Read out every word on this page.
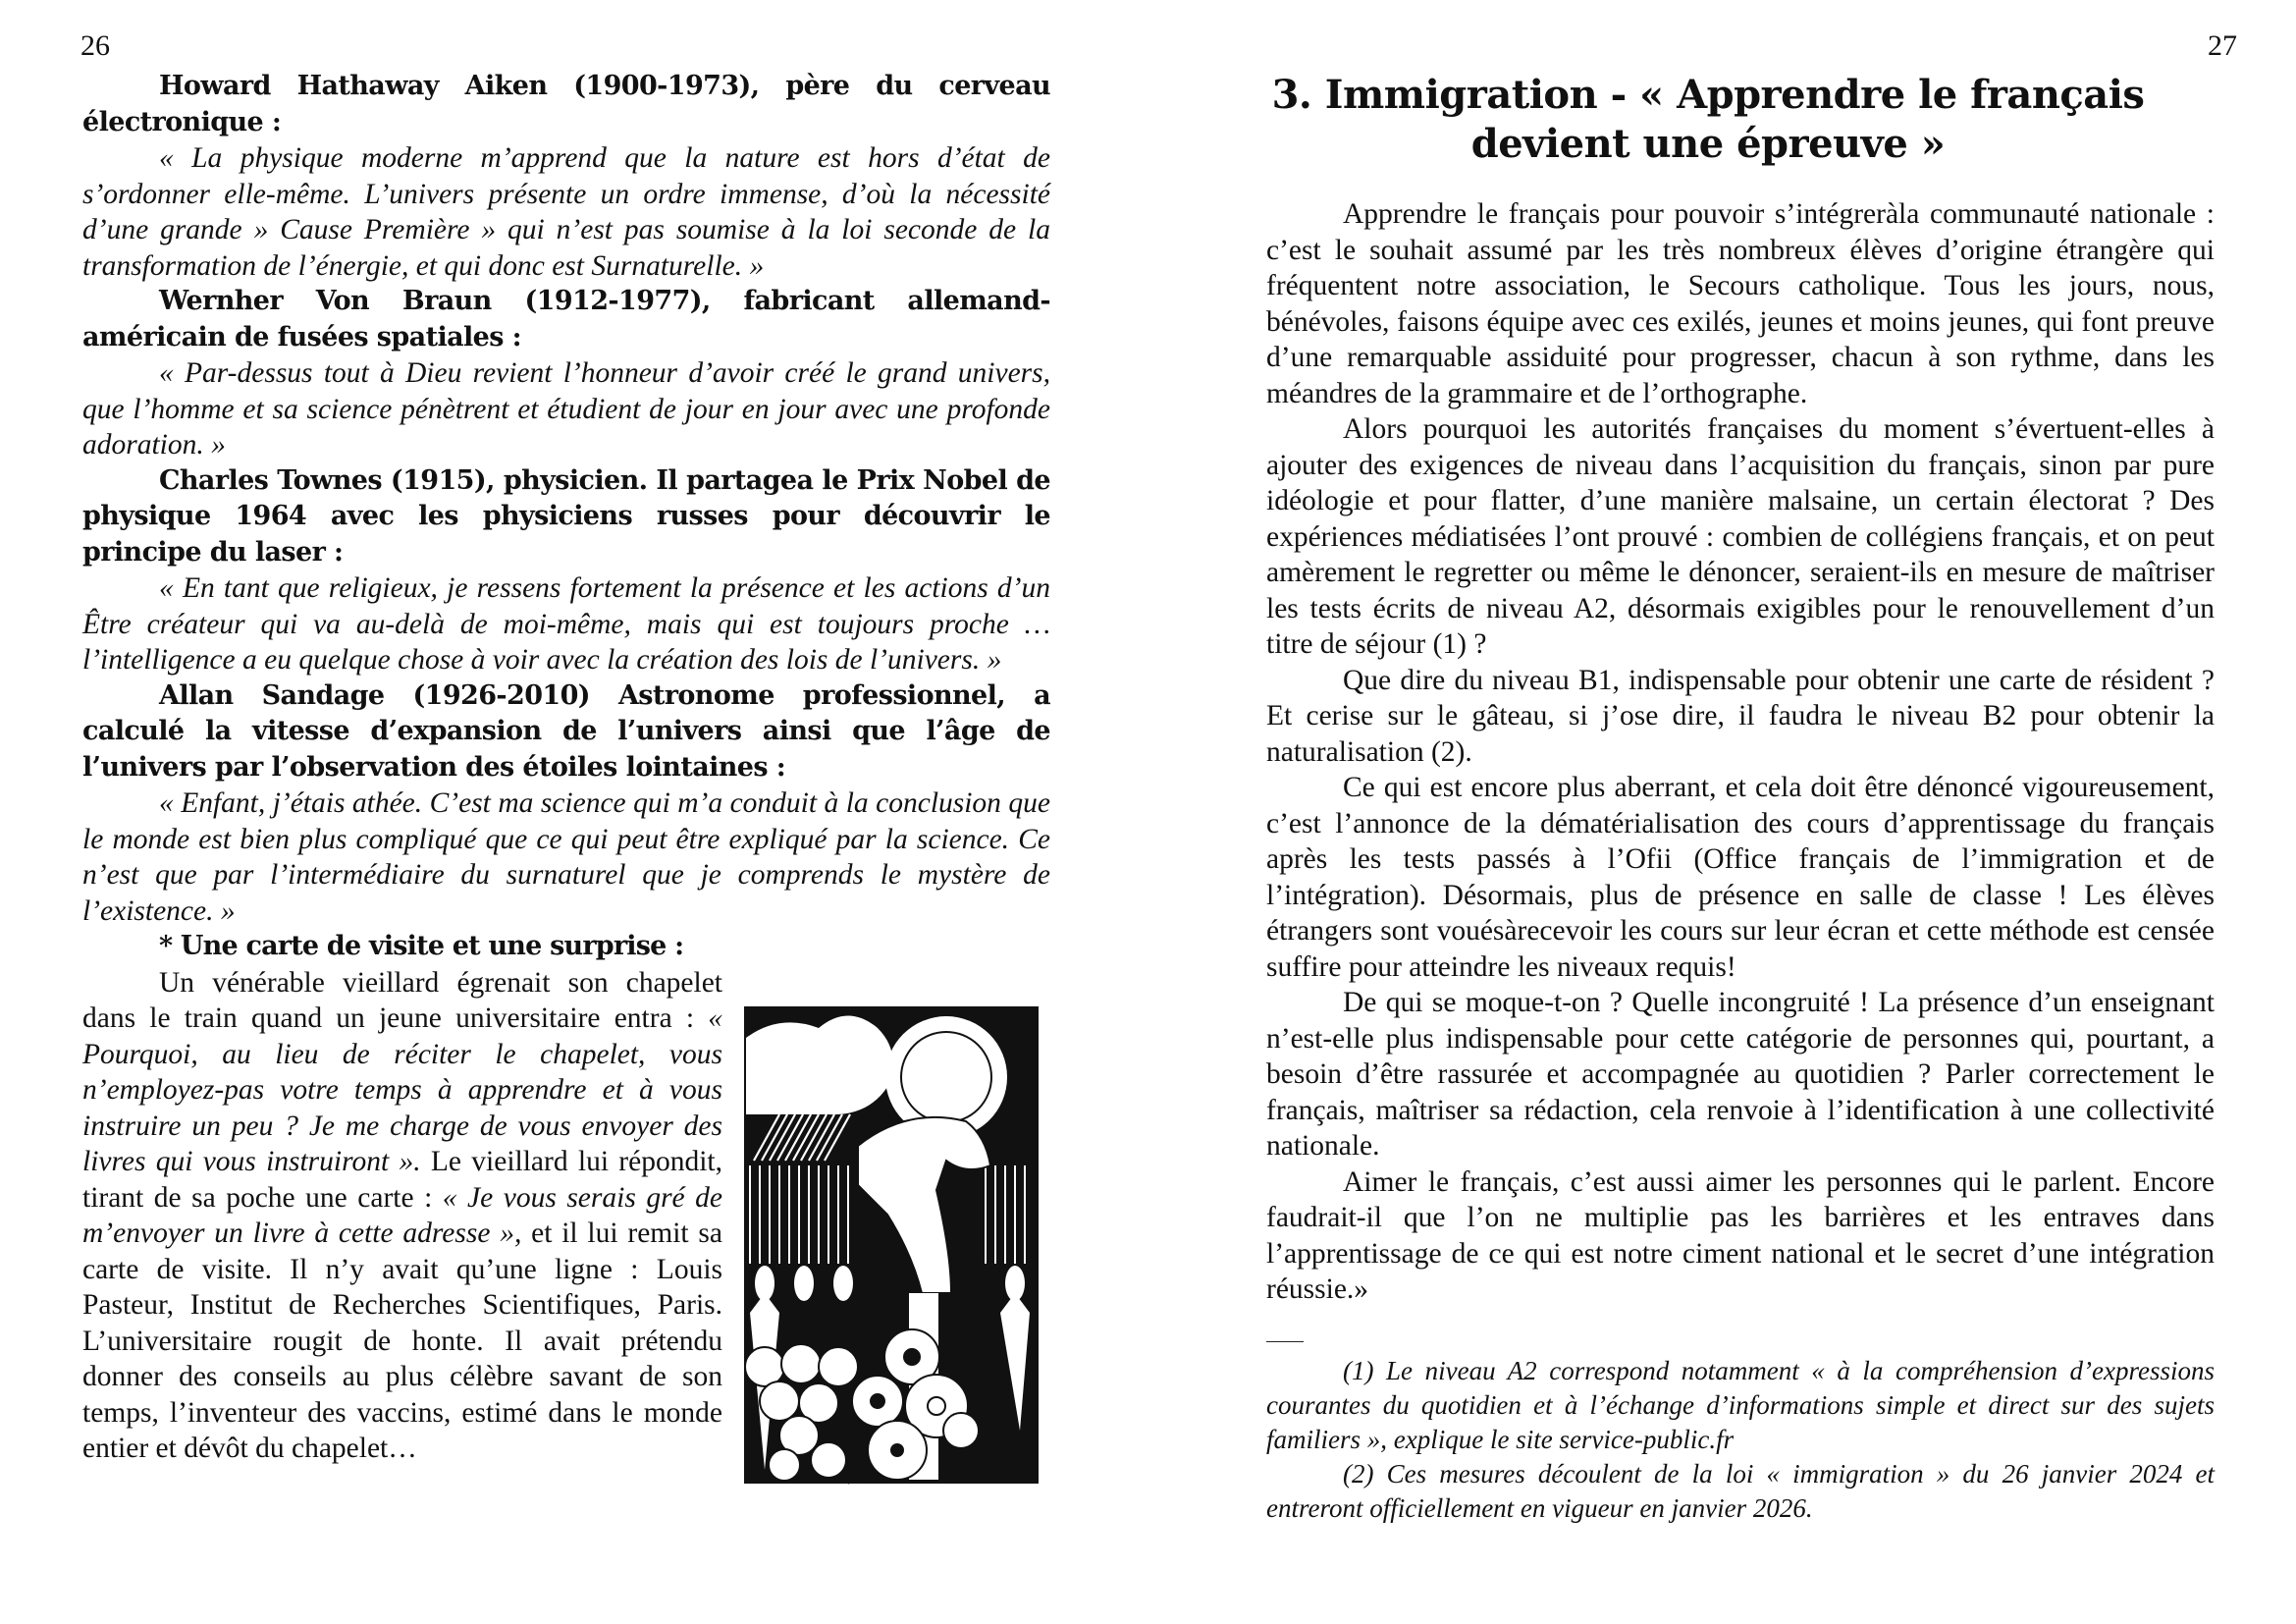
26

Howard Hathaway Aiken (1900-1973), père du cerveau électronique :

« La physique moderne m’apprend que la nature est hors d’état de s’ordonner elle-même. L’univers présente un ordre immense, d’où la nécessité d’une grande » Cause Première » qui n’est pas soumise à la loi seconde de la transformation de l’énergie, et qui donc est Surnaturelle. »

Wernher Von Braun (1912-1977), fabricant allemand-américain de fusées spatiales :

« Par-dessus tout à Dieu revient l’honneur d’avoir créé le grand univers, que l’homme et sa science pénètrent et étudient de jour en jour avec une profonde adoration. »

Charles Townes (1915), physicien. Il partagea le Prix Nobel de physique 1964 avec les physiciens russes pour découvrir le principe du laser :

« En tant que religieux, je ressens fortement la présence et les actions d’un Être créateur qui va au-delà de moi-même, mais qui est toujours proche …l’intelligence a eu quelque chose à voir avec la création des lois de l’univers. »

Allan Sandage (1926-2010) Astronome professionnel, a calculé la vitesse d’expansion de l’univers ainsi que l’âge de l’univers par l’observation des étoiles lointaines :

« Enfant, j’étais athée. C’est ma science qui m’a conduit à la conclusion que le monde est bien plus compliqué que ce qui peut être expliqué par la science. Ce n’est que par l’intermédiaire du surnaturel que je comprends le mystère de l’existence. »

* Une carte de visite et une surprise :

f.R

Un vénérable vieillard égrenait son chapelet dans le train quand un jeune universitaire entra : « Pourquoi, au lieu de réciter le chapelet, vous n’employez-pas votre temps à apprendre et à vous instruire un peu ? Je me charge de vous envoyer des livres qui vous instruiront ». Le vieillard lui répondit, tirant de sa poche une carte : « Je vous serais gré de m’envoyer un livre à cette adresse », et il lui remit sa carte de visite. Il n’y avait qu’une ligne : Louis Pasteur, Institut de Recherches Scientifiques, Paris. L’universitaire rougit de honte. Il avait prétendu donner des conseils au plus célèbre savant de son temps, l’inventeur des vaccins, estimé dans le monde entier et dévôt du chapelet…

27

Apprendre le français pour pouvoir s’intégreràla communauté nationale : c’est le souhait assumé par les très nombreux élèves d’origine étrangère qui fréquentent notre association, le Secours catholique. Tous les jours, nous, bénévoles, faisons équipe avec ces exilés, jeunes et moins jeunes, qui font preuve d’une remarquable assiduité pour progresser, chacun à son rythme, dans les méandres de la grammaire et de l’orthographe.

Alors pourquoi les autorités françaises du moment s’évertuent-elles à ajouter des exigences de niveau dans l’acquisition du français, sinon par pure idéologie et pour flatter, d’une manière malsaine, un certain électorat ? Des expériences médiatisées l’ont prouvé : combien de collégiens français, et on peut amèrement le regretter ou même le dénoncer, seraient-ils en mesure de maîtriser les tests écrits de niveau A2, désormais exigibles pour le renouvellement d’un titre de séjour (1) ?

Que dire du niveau B1, indispensable pour obtenir une carte de résident ? Et cerise sur le gâteau, si j’ose dire, il faudra le niveau B2 pour obtenir la naturalisation (2).

Ce qui est encore plus aberrant, et cela doit être dénoncé vigoureusement, c’est l’annonce de la dématérialisation des cours d’apprentissage du français après les tests passés à l’Ofii (Office français de l’immigration et de l’intégration). Désormais, plus de présence en salle de classe ! Les élèves étrangers sont vouésàrecevoir les cours sur leur écran et cette méthode est censée suffire pour atteindre les niveaux requis!

De qui se moque-t-on ? Quelle incongruité ! La présence d’un enseignant n’est-elle plus indispensable pour cette catégorie de personnes qui, pourtant, a besoin d’être rassurée et accompagnée au quotidien ? Parler correctement le français, maîtriser sa rédaction, cela renvoie à l’identification à une collectivité nationale.

Aimer le français, c’est aussi aimer les personnes qui le parlent. Encore faudrait-il que l’on ne multiplie pas les barrières et les entraves dans l’apprentissage de ce qui est notre ciment national et le secret d’une intégration réussie.»

(1) Le niveau A2 correspond notamment « à la compréhension d’expressions courantes du quotidien et à l’échange d’informations simple et direct sur des sujets familiers », explique le site service-public.fr

(2) Ces mesures découlent de la loi « immigration » du 26 janvier 2024 et entreront officiellement en vigueur en janvier 2026.

3. Immigration - « Apprendre le français
devient une épreuve »
